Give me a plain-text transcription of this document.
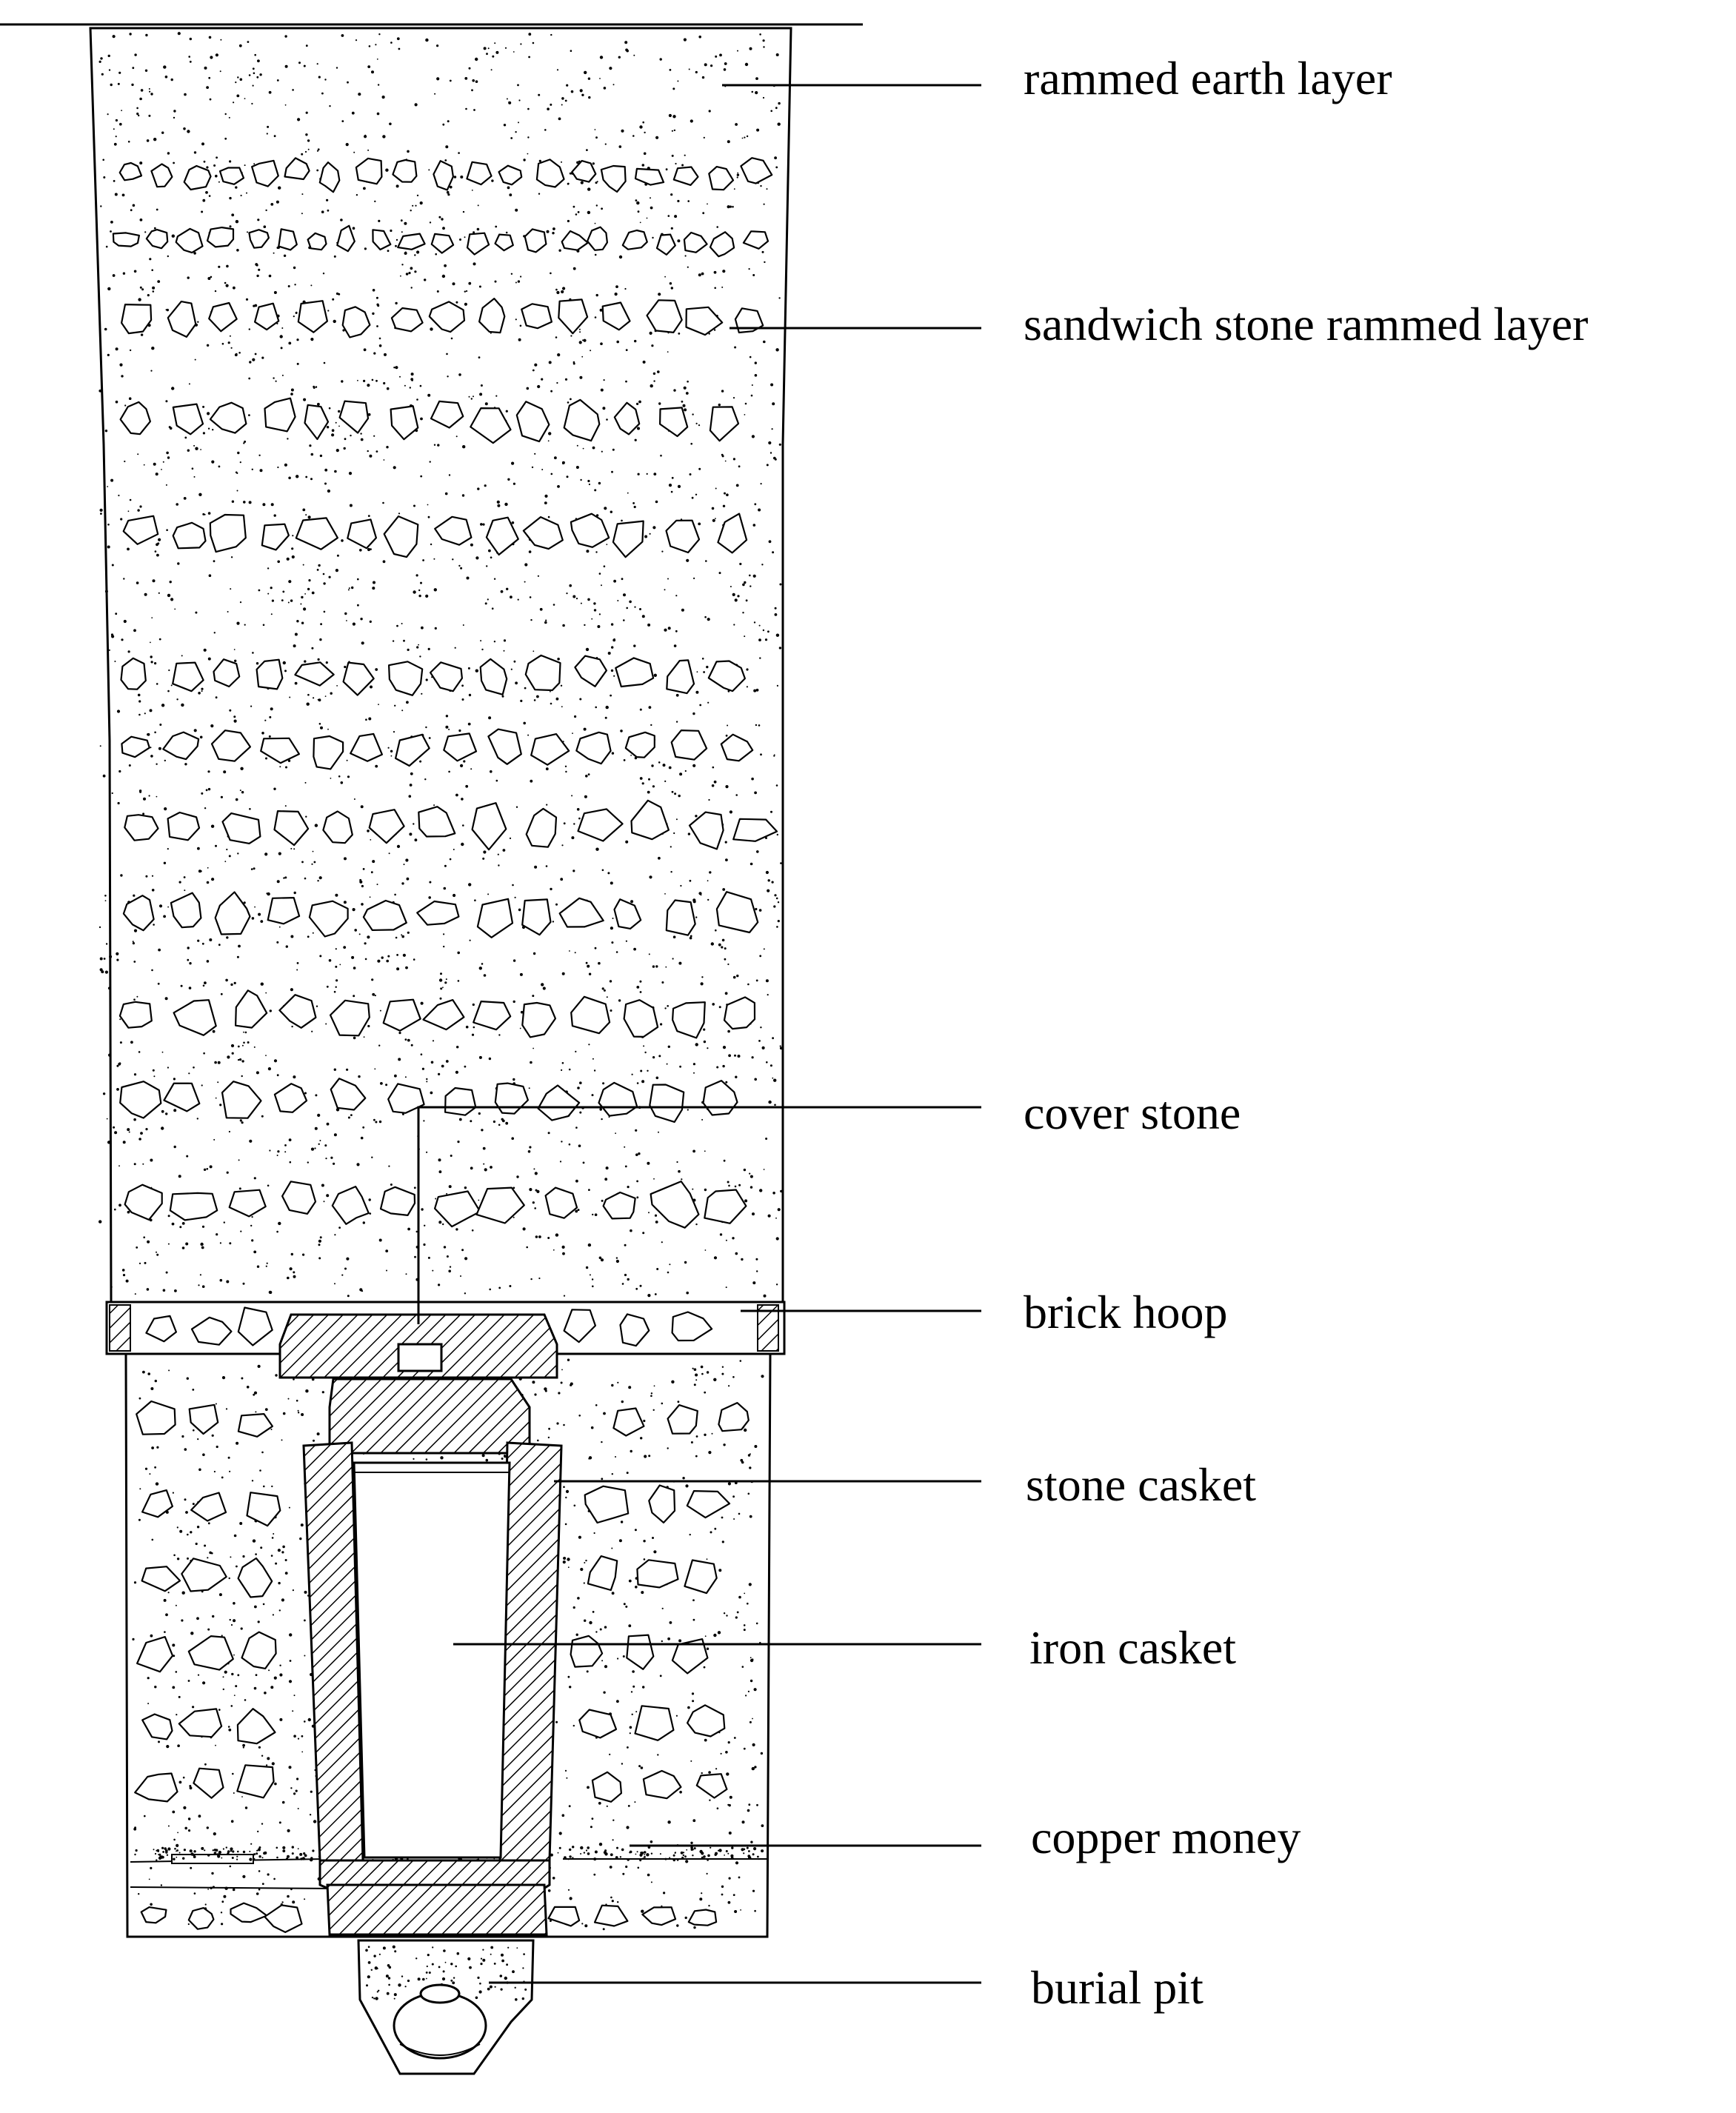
rammed earth layer
sandwich stone rammed layer
cover stone
brick hoop
stone casket
iron casket
copper money
burial pit
